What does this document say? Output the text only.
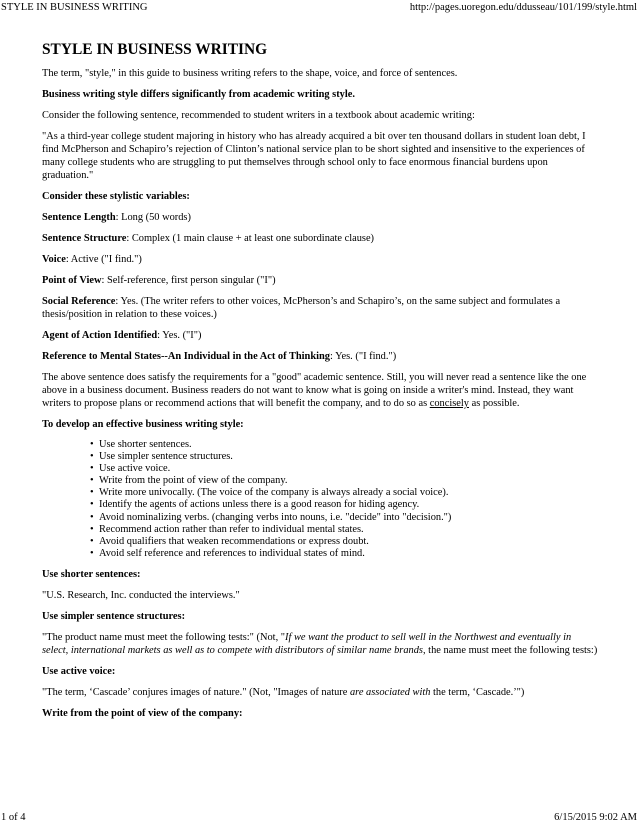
STYLE IN BUSINESS WRITING	http://pages.uoregon.edu/ddusseau/101/199/style.html
STYLE IN BUSINESS WRITING

The term, "style," in this guide to business writing refers to the shape, voice, and force of sentences.

Business writing style differs significantly from academic writing style.

Consider the following sentence, recommended to student writers in a textbook about academic writing:

"As a third-year college student majoring in history who has already acquired a bit over ten thousand dollars in student loan debt, I find McPherson and Schapiro’s rejection of Clinton’s national service plan to be short sighted and insensitive to the experiences of many college students who are struggling to put themselves through school only to face enormous financial burdens upon graduation."

Consider these stylistic variables:

Sentence Length: Long (50 words)

Sentence Structure: Complex (1 main clause + at least one subordinate clause)

Voice: Active ("I find.")

Point of View: Self-reference, first person singular ("I")

Social Reference: Yes. (The writer refers to other voices, McPherson’s and Schapiro’s, on the same subject and formulates a thesis/position in relation to these voices.)

Agent of Action Identified: Yes. ("I")

Reference to Mental States--An Individual in the Act of Thinking: Yes. ("I find.")

The above sentence does satisfy the requirements for a "good" academic sentence. Still, you will never read a sentence like the one above in a business document. Business readers do not want to know what is going on inside a writer's mind. Instead, they want writers to propose plans or recommend actions that will benefit the company, and to do so as concisely as possible.

To develop an effective business writing style:

• Use shorter sentences.
• Use simpler sentence structures.
• Use active voice.
• Write from the point of view of the company.
• Write more univocally. (The voice of the company is always already a social voice).
• Identify the agents of actions unless there is a good reason for hiding agency.
• Avoid nominalizing verbs. (changing verbs into nouns, i.e. "decide" into "decision.")
• Recommend action rather than refer to individual mental states.
• Avoid qualifiers that weaken recommendations or express doubt.
• Avoid self reference and references to individual states of mind.

Use shorter sentences:

"U.S. Research, Inc. conducted the interviews."

Use simpler sentence structures:

"The product name must meet the following tests:" (Not, "If we want the product to sell well in the Northwest and eventually in select, international markets as well as to compete with distributors of similar name brands, the name must meet the following tests:)

Use active voice:

"The term, ‘Cascade’ conjures images of nature." (Not, "Images of nature are associated with the term, ‘Cascade.’")

Write from the point of view of the company:

1 of 4	6/15/2015 9:02 AM
